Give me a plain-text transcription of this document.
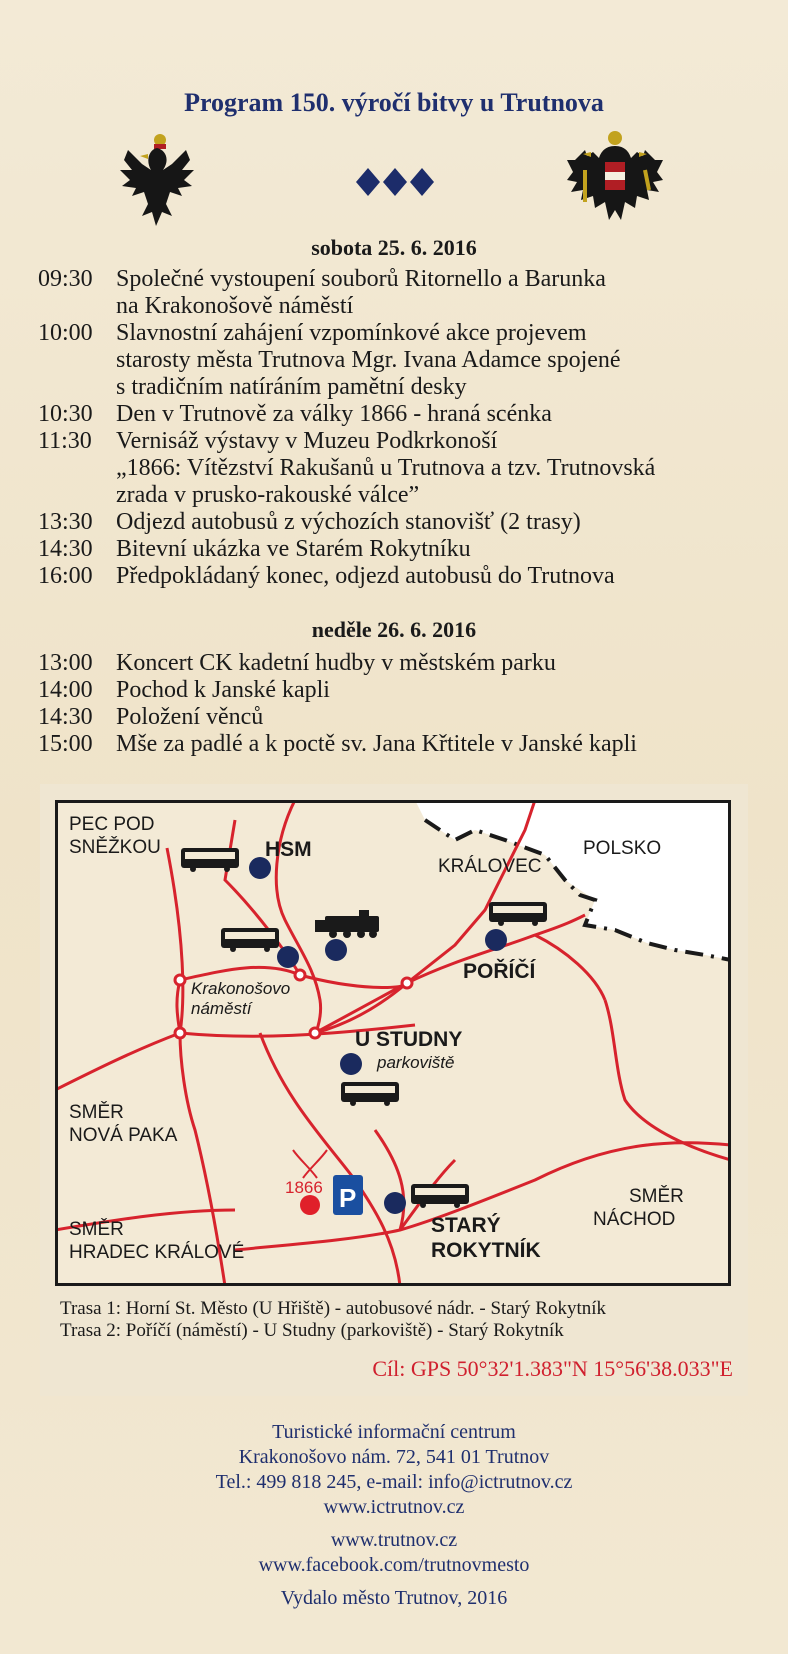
Program 150. výročí bitvy u Trutnova
sobota 25. 6. 2016
09:30 Společné vystoupení souborů Ritornello a Barunka
na Krakonošově náměstí
10:00 Slavnostní zahájení vzpomínkové akce projevem
starosty města Trutnova Mgr. Ivana Adamce spojené
s tradičním natíráním pamětní desky
10:30 Den v Trutnově za války 1866 - hraná scénka
11:30	Vernisáž výstavy v Muzeu Podkrkonoší
„1866: Vítězství Rakušanů u Trutnova a tzv. Trutnovská
zrada v prusko-rakouské válce”
13:30 Odjezd autobusů z výchozích stanovišť (2 trasy)
14:30 Bitevní ukázka ve Starém Rokytníku
16:00 Předpokládaný konec, odjezd autobusů do Trutnova
neděle 26. 6. 2016
13:00 Koncert CK kadetní hudby v městském parku
14:00 Pochod k Janské kapli
14:30 Položení věnců
15:00 Mše za padlé a k poctě sv. Jana Křtitele v Janské kapli
PEC POD
SNĚŽKOU	HSM
KRÁLOVEC
POLSKO
POŘÍČÍ
Krakonošovo
náměstí
U STUDNY
parkoviště
SMĚR
NOVÁ PAKA
1866 P	SMĚR
NÁCHOD
SMĚR
HRADEC KRÁLOVÉ
STARÝ
ROKYTNÍK
Trasa 1: Horní St. Město (U Hřiště) - autobusové nádr. - Starý Rokytník
Trasa 2: Poříčí (náměstí) - U Studny (parkoviště) - Starý Rokytník
Cíl: GPS 50°32'1.383"N 15°56'38.033"E
Turistické informační centrum
Krakonošovo nám. 72, 541 01 Trutnov
Tel.: 499 818 245, e-mail: info@ictrutnov.cz
www.ictrutnov.cz
www.trutnov.cz
www.facebook.com/trutnovmesto
Vydalo město Trutnov, 2016
